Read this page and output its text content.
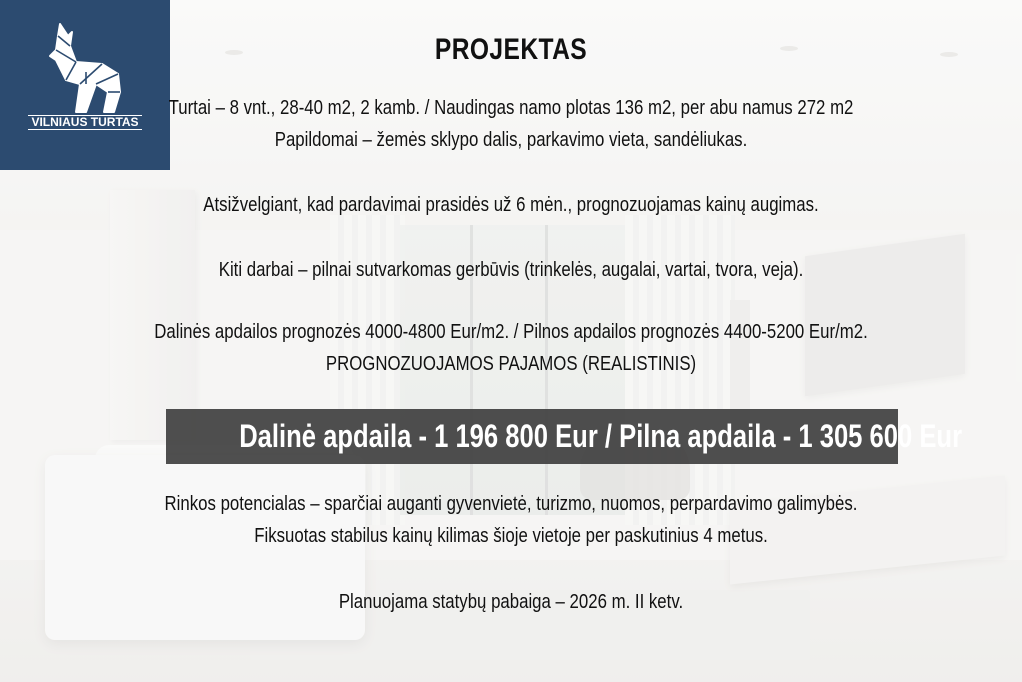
VILNIAUS TURTAS
PROJEKTAS
Turtai – 8 vnt., 28-40 m2, 2 kamb. / Naudingas namo plotas 136 m2, per abu namus 272 m2
Papildomai – žemės sklypo dalis, parkavimo vieta, sandėliukas.
Atsižvelgiant, kad pardavimai prasidės už 6 mėn., prognozuojamas kainų augimas.
Kiti darbai – pilnai sutvarkomas gerbūvis (trinkelės, augalai, vartai, tvora, veja).
Dalinės apdailos prognozės 4000-4800 Eur/m2. / Pilnos apdailos prognozės 4400-5200 Eur/m2.
PROGNOZUOJAMOS PAJAMOS (REALISTINIS)
Dalinė apdaila - 1 196 800 Eur / Pilna apdaila - 1 305 600 Eur
Rinkos potencialas – sparčiai auganti gyvenvietė, turizmo, nuomos, perpardavimo galimybės.
Fiksuotas stabilus kainų kilimas šioje vietoje per paskutinius 4 metus.
Planuojama statybų pabaiga – 2026 m. II ketv.
